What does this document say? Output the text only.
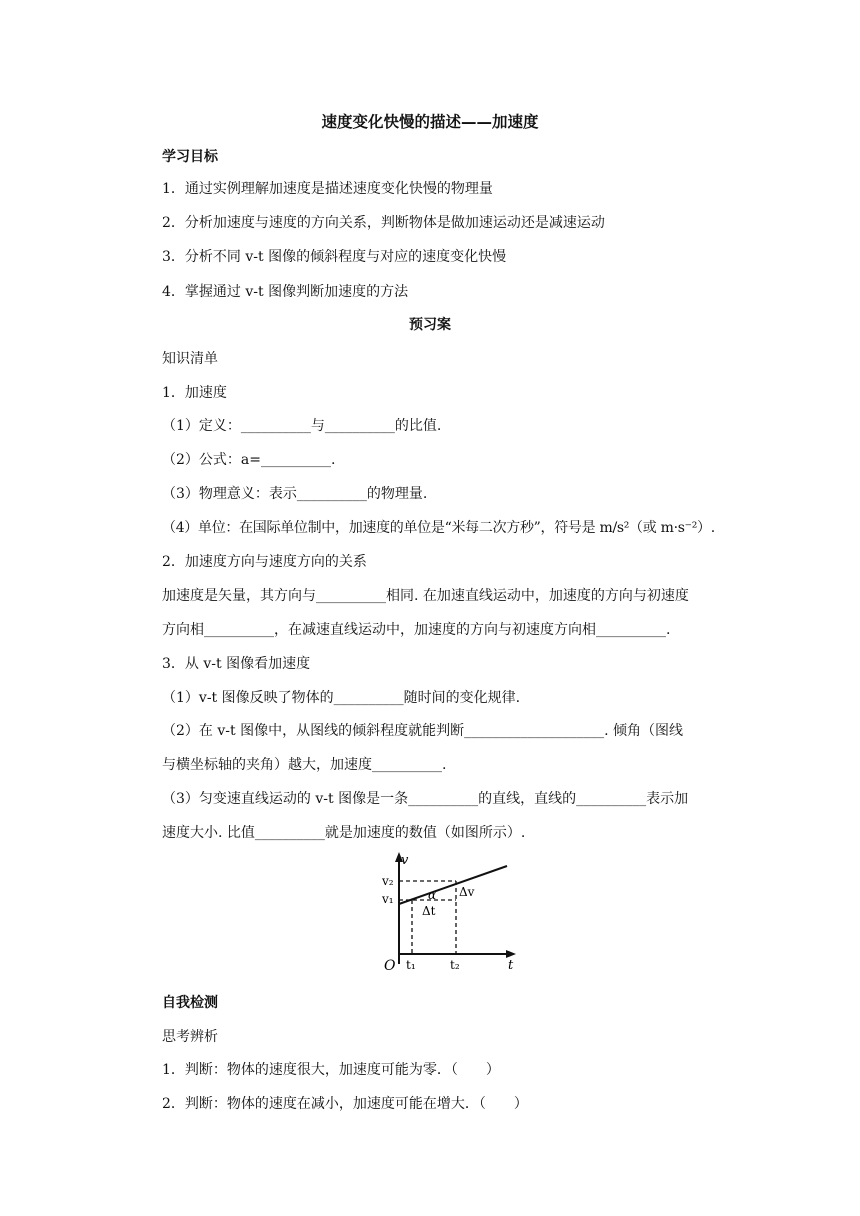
速度变化快慢的描述——加速度
学习目标
1．通过实例理解加速度是描述速度变化快慢的物理量
2．分析加速度与速度的方向关系，判断物体是做加速运动还是减速运动
3．分析不同 v-t 图像的倾斜程度与对应的速度变化快慢
4．掌握通过 v-t 图像判断加速度的方法
预习案
知识清单
1．加速度
（1）定义：__________与__________的比值.
（2）公式：a=__________.
（3）物理意义：表示__________的物理量.
（4）单位：在国际单位制中，加速度的单位是“米每二次方秒”，符号是 m/s²（或 m·s⁻²）.
2．加速度方向与速度方向的关系
加速度是矢量，其方向与__________相同. 在加速直线运动中，加速度的方向与初速度
方向相__________，在减速直线运动中，加速度的方向与初速度方向相__________.
3．从 v-t 图像看加速度
（1）v-t 图像反映了物体的__________随时间的变化规律.
（2）在 v-t 图像中，从图线的倾斜程度就能判断____________________. 倾角（图线
与横坐标轴的夹角）越大，加速度__________.
（3）匀变速直线运动的 v-t 图像是一条__________的直线，直线的__________表示加
速度大小. 比值__________就是加速度的数值（如图所示）.
v
t
O
v₂
v₁
t₁	t₂
Δv
Δt
α
自我检测
思考辨析
1．判断：物体的速度很大，加速度可能为零．（　　）
2．判断：物体的速度在减小，加速度可能在增大．（　　）
